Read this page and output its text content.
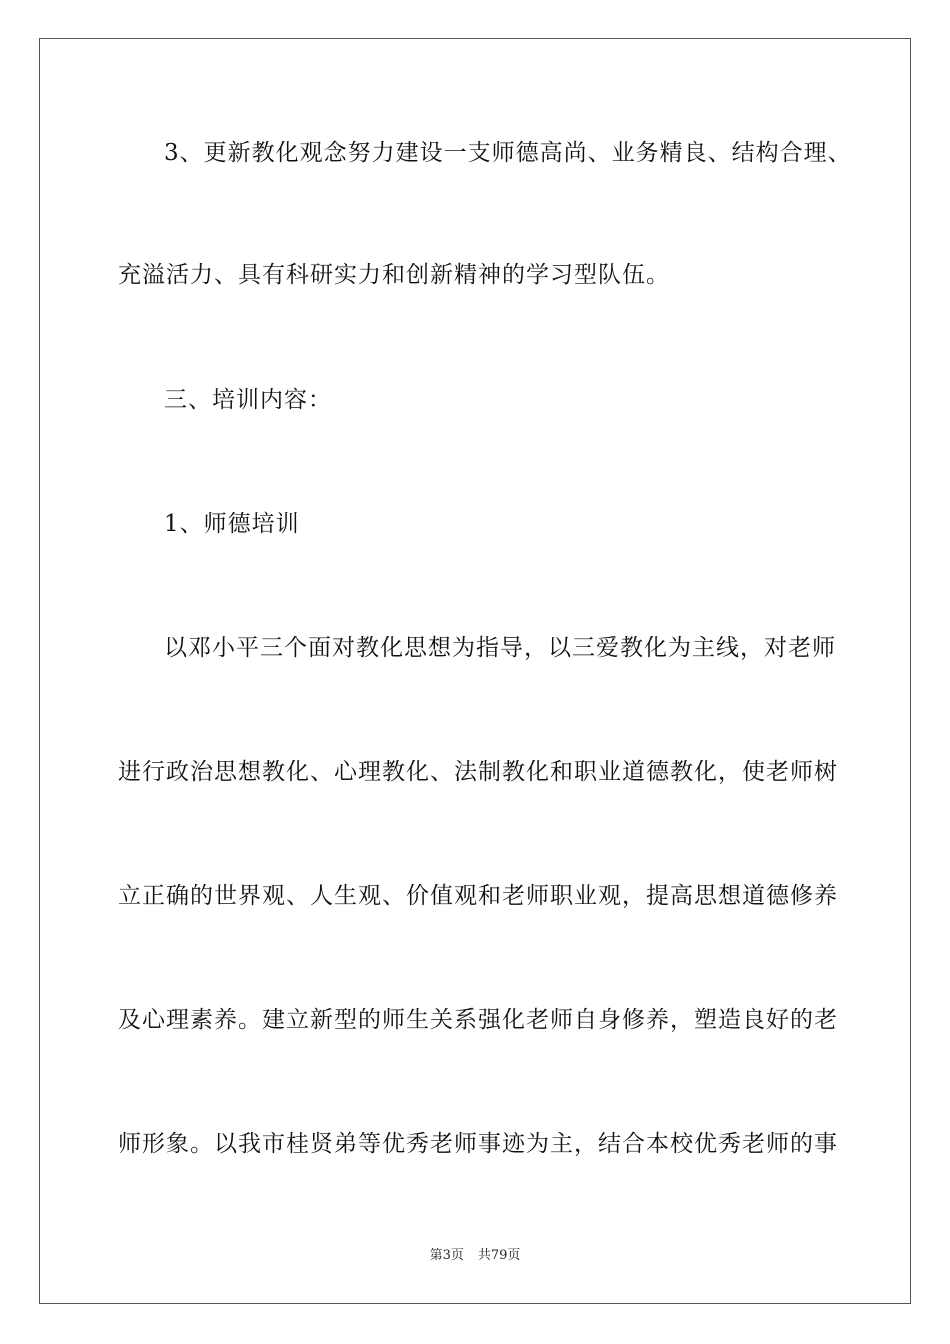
3、更新教化观念努力建设一支师德高尚、业务精良、结构合理、

充溢活力、具有科研实力和创新精神的学习型队伍。

三、培训内容：

1、师德培训

以邓小平三个面对教化思想为指导，以三爱教化为主线，对老师

进行政治思想教化、心理教化、法制教化和职业道德教化，使老师树

立正确的世界观、人生观、价值观和老师职业观，提高思想道德修养

及心理素养。建立新型的师生关系强化老师自身修养，塑造良好的老

师形象。以我市桂贤弟等优秀老师事迹为主，结合本校优秀老师的事

第3页 共79页
